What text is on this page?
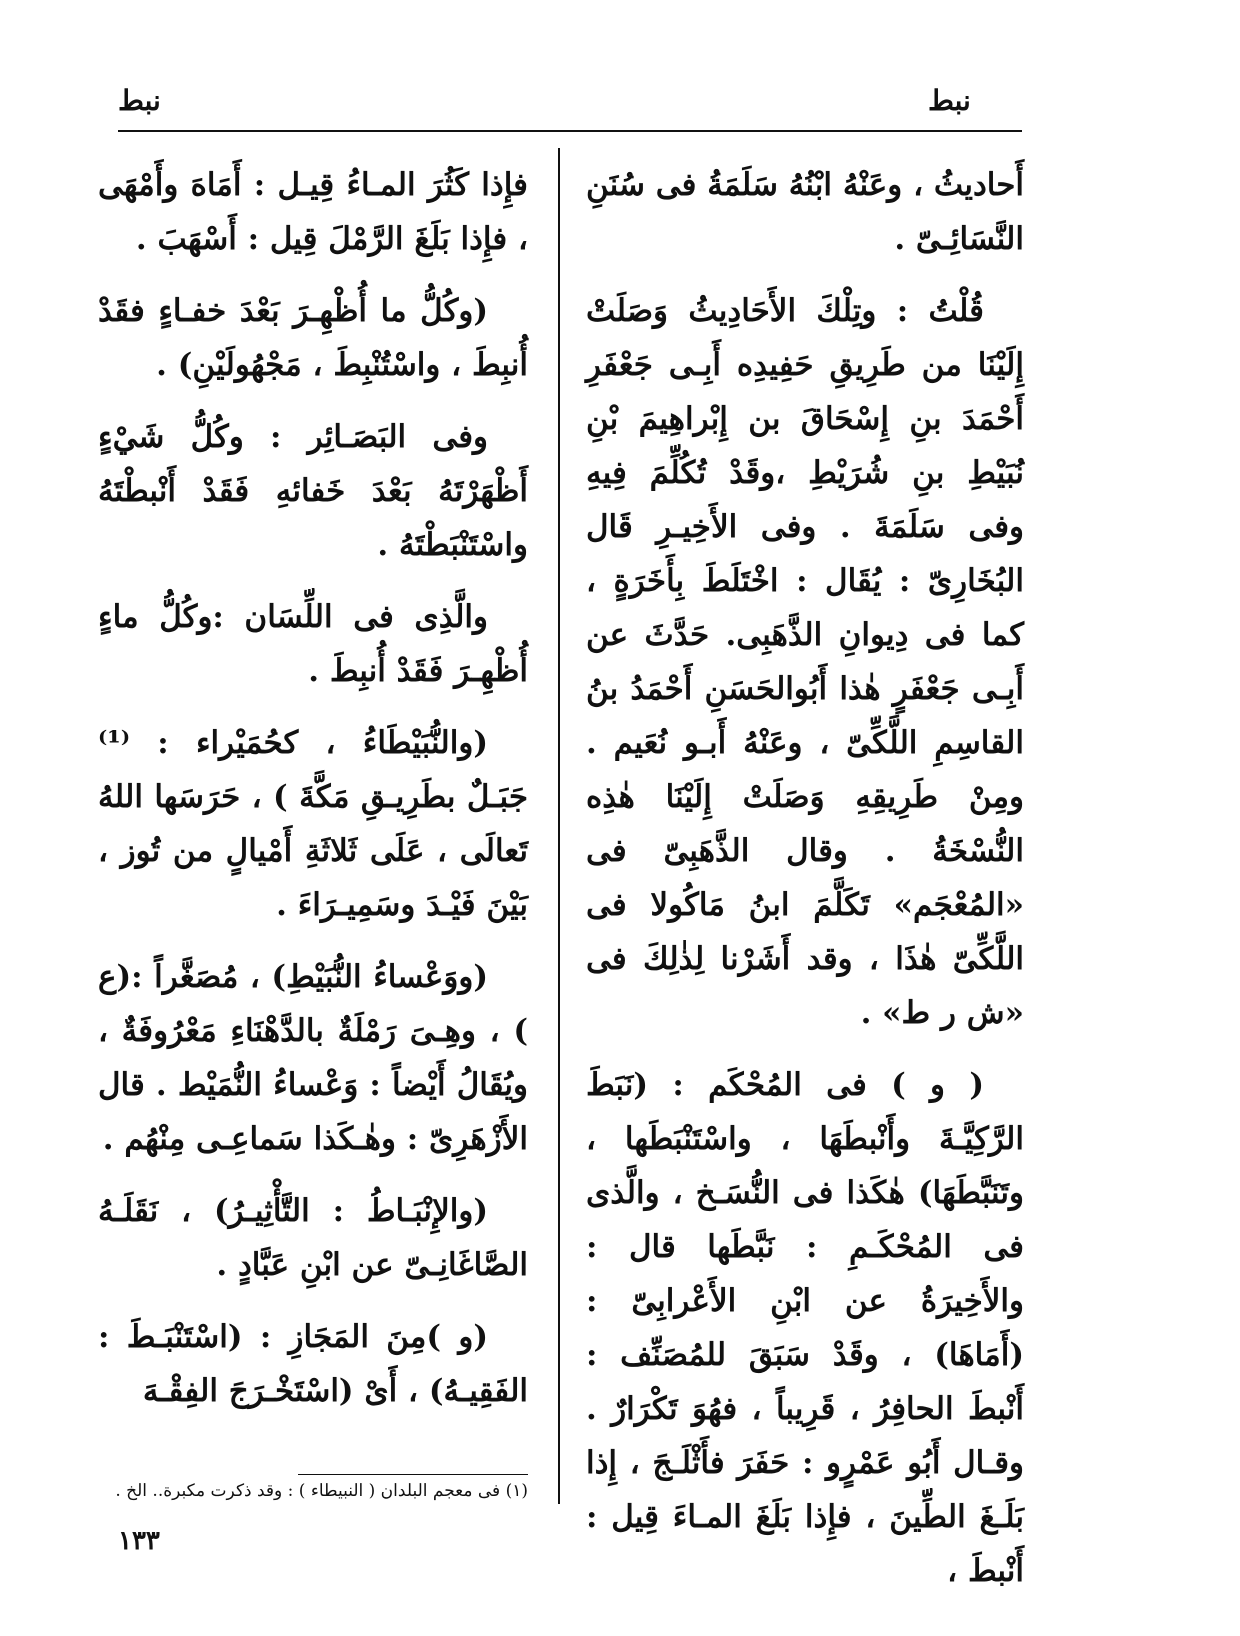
نبط
نبط

أَحاديثُ ، وعَنْهُ ابْنُهُ سَلَمَةُ فى سُنَنِ النَّسَائِـىّ .

قُلْتُ : وتِلْكَ الأَحَادِيثُ وَصَلَتْ إِلَيْنَا من طَرِيقِ حَفِيدِه أَبِـى جَعْفَرِ أَحْمَدَ بنِ إِسْحَاقَ بن إِبْراهِيمَ بْنِ نُبَيْطِ بنِ شُرَيْطِ ،وقَدْ تُكُلِّمَ فِيهِ وفى سَلَمَةَ . وفى الأَخِيـرِ قَال البُخَارِىّ : يُقَال : اخْتَلَطَ بِأَخَرَةٍ ، كما فى دِيوانِ الذَّهَبِى. حَدَّثَ عن أَبِـى جَعْفَرٍ هٰذا أَبُوالحَسَنِ أَحْمَدُ بنُ القاسِمِ اللَّكِّىّ ، وعَنْهُ أَبـو نُعَيم . ومِنْ طَرِيقِهِ وَصَلَتْ إِلَيْنَا هٰذِه النُّسْخَةُ . وقال الذَّهَبِىّ فى «المُعْجَم» تَكَلَّمَ ابنُ مَاكُولا فى اللَّكِّىّ هٰذَا ، وقد أَشَرْنا لِذٰلِكَ فى «ش ر ط» .

( و ) فى المُحْكَم : (نَبَطَ الرَّكِيَّـةَ وأَنْبطَهَا ، واسْتَنْبَطَها ، وتَنَبَّطَهَا) هٰكَذا فى النُّسَـخ ، والَّذى فى المُحْكَـمِ : نَبَّطَها قال : والأَخِيرَةُ عن ابْنِ الأَعْرابِىّ : (أَمَاهَا) ، وقَدْ سَبَقَ للمُصَنِّف : أَنْبطَ الحافِرُ ، قَرِيباً ، فهُوَ تَكْرَارٌ . وقـال أَبُو عَمْرٍو : حَفَرَ فأَثْلَـجَ ، إِذا بَلَـغَ الطِّينَ ، فإِذا بَلَغَ المـاءَ قِيل : أَنْبطَ ،

فإِذا كَثُرَ المـاءُ قِيـل : أَمَاهَ وأَمْهَى ، فإِذا بَلَغَ الرَّمْلَ قِيل : أَسْهَبَ .

(وكُلُّ ما أُظْهِـرَ بَعْدَ خفـاءٍ فقَدْ أُنبِطَ ، واسْتُنْبِطَ ، مَجْهُولَيْنِ) .

وفى البَصَـائِر : وكُلُّ شَيْءٍ أَظْهَرْتَهُ بَعْدَ خَفائهِ فَقَدْ أَنْبطْتَهُ واسْتَنْبَطْتَهُ .

والَّذِى فى اللِّسَان :وكُلُّ ماءٍ أُظْهِـرَ فَقَدْ أُنبِطَ .

(والنُّبَيْطَاءُ ، كحُمَيْراء : ⁽¹⁾ جَبَـلٌ بطَرِيـقِ مَكَّةَ ) ، حَرَسَها اللهُ تَعالَى ، عَلَى ثَلاثَةِ أَمْيالٍ من تُوز ، بَيْنَ فَيْـدَ وسَمِيـرَاءَ .

(ووَعْساءُ النُّبَيْطِ) ، مُصَغَّراً :(ع ) ، وهِـىَ رَمْلَةٌ بالدَّهْنَاءِ مَعْرُوفَةٌ ، ويُقَالُ أَيْضاً : وَعْساءُ النُّمَيْط . قال الأَزْهَرِىّ : وهٰـكَذا سَماعِـى مِنْهُم .

(والإِنْبَـاطُ : التَّأْثِيـرُ) ، نَقَلَـهُ الصَّاغَانِـىّ عن ابْنِ عَبَّادٍ .

(و )مِنَ المَجَازِ : (اسْتَنْبَـطَ : الفَقِيـهُ) ، أَىْ (اسْتَخْـرَجَ الفِقْـهَ

(١) فى معجم البلدان ( النبيطاء ) : وقد ذكرت مكبرة.. الخ .
١٣٣
